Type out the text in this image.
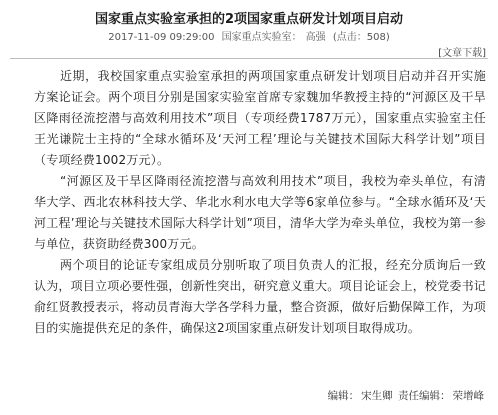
国家重点实验室承担的2项国家重点研发计划项目启动
2017-11-09 09:29:00 国家重点实验室： 高强 (点击：508)
[文章下载]

近期，我校国家重点实验室承担的两项国家重点研发计划项目启动并召开实施方案论证会。两个项目分别是国家实验室首席专家魏加华教授主持的“河源区及干旱区降雨径流挖潜与高效利用技术”项目（专项经费1787万元），国家重点实验室主任王光谦院士主持的“全球水循环及‘天河工程’理论与关键技术国际大科学计划”项目（专项经费1002万元）。

“河源区及干旱区降雨径流挖潜与高效利用技术”项目，我校为牵头单位，有清华大学、西北农林科技大学、华北水利水电大学等6家单位参与。“全球水循环及‘天河工程’理论与关键技术国际大科学计划”项目，清华大学为牵头单位，我校为第一参与单位，获资助经费300万元。

两个项目的论证专家组成员分别听取了项目负责人的汇报，经充分质询后一致认为，项目立项必要性强，创新性突出，研究意义重大。项目论证会上，校党委书记俞红贤教授表示，将动员青海大学各学科力量，整合资源，做好后勤保障工作，为项目的实施提供充足的条件，确保这2项国家重点研发计划项目取得成功。

编辑： 宋生卿 责任编辑： 荣增峰
